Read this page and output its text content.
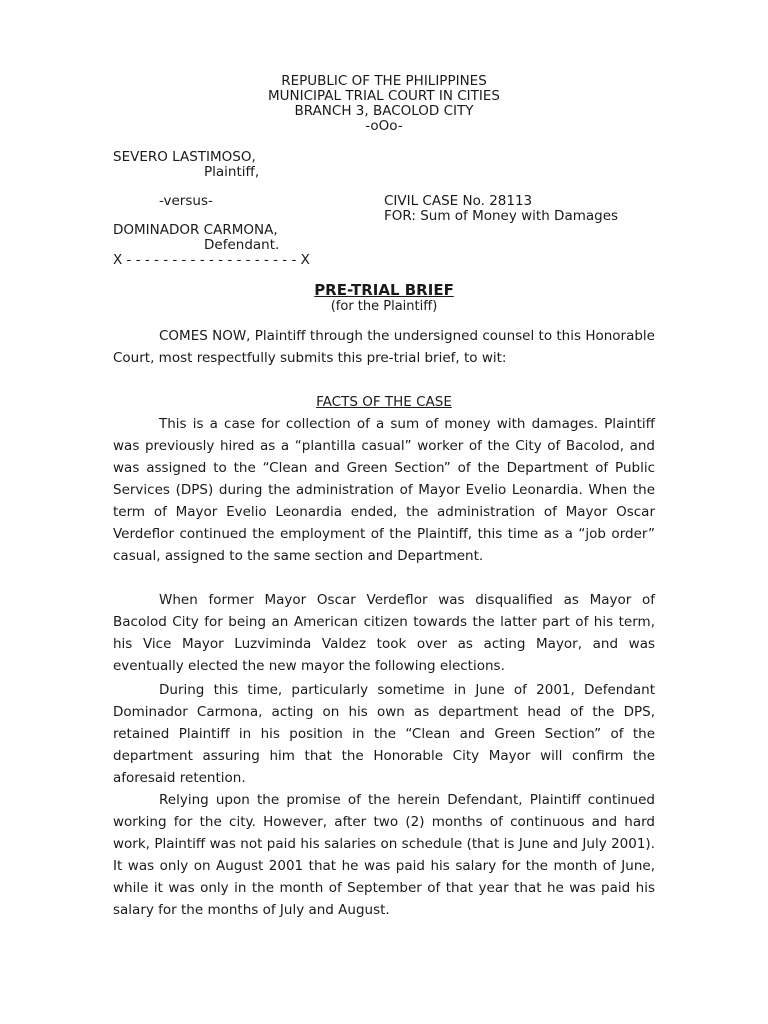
REPUBLIC OF THE PHILIPPINES
MUNICIPAL TRIAL COURT IN CITIES
BRANCH 3, BACOLOD CITY
-oOo-
SEVERO LASTIMOSO,
Plaintiff,
-versus-	CIVIL CASE No. 28113
FOR: Sum of Money with Damages
DOMINADOR CARMONA,
Defendant.
X - - - - - - - - - - - - - - - - - - - X
PRE-TRIAL BRIEF
(for the Plaintiff)

COMES NOW, Plaintiff through the undersigned counsel to this Honorable Court, most respectfully submits this pre-trial brief, to wit:

FACTS OF THE CASE

This is a case for collection of a sum of money with damages. Plaintiff was previously hired as a “plantilla casual” worker of the City of Bacolod, and was assigned to the “Clean and Green Section” of the Department of Public Services (DPS) during the administration of Mayor Evelio Leonardia. When the term of Mayor Evelio Leonardia ended, the administration of Mayor Oscar Verdeflor continued the employment of the Plaintiff, this time as a “job order” casual, assigned to the same section and Department.

When former Mayor Oscar Verdeflor was disqualified as Mayor of Bacolod City for being an American citizen towards the latter part of his term, his Vice Mayor Luzviminda Valdez took over as acting Mayor, and was eventually elected the new mayor the following elections.

During this time, particularly sometime in June of 2001, Defendant Dominador Carmona, acting on his own as department head of the DPS, retained Plaintiff in his position in the “Clean and Green Section” of the department assuring him that the Honorable City Mayor will confirm the aforesaid retention.

Relying upon the promise of the herein Defendant, Plaintiff continued working for the city. However, after two (2) months of continuous and hard work, Plaintiff was not paid his salaries on schedule (that is June and July 2001). It was only on August 2001 that he was paid his salary for the month of June, while it was only in the month of September of that year that he was paid his salary for the months of July and August.
